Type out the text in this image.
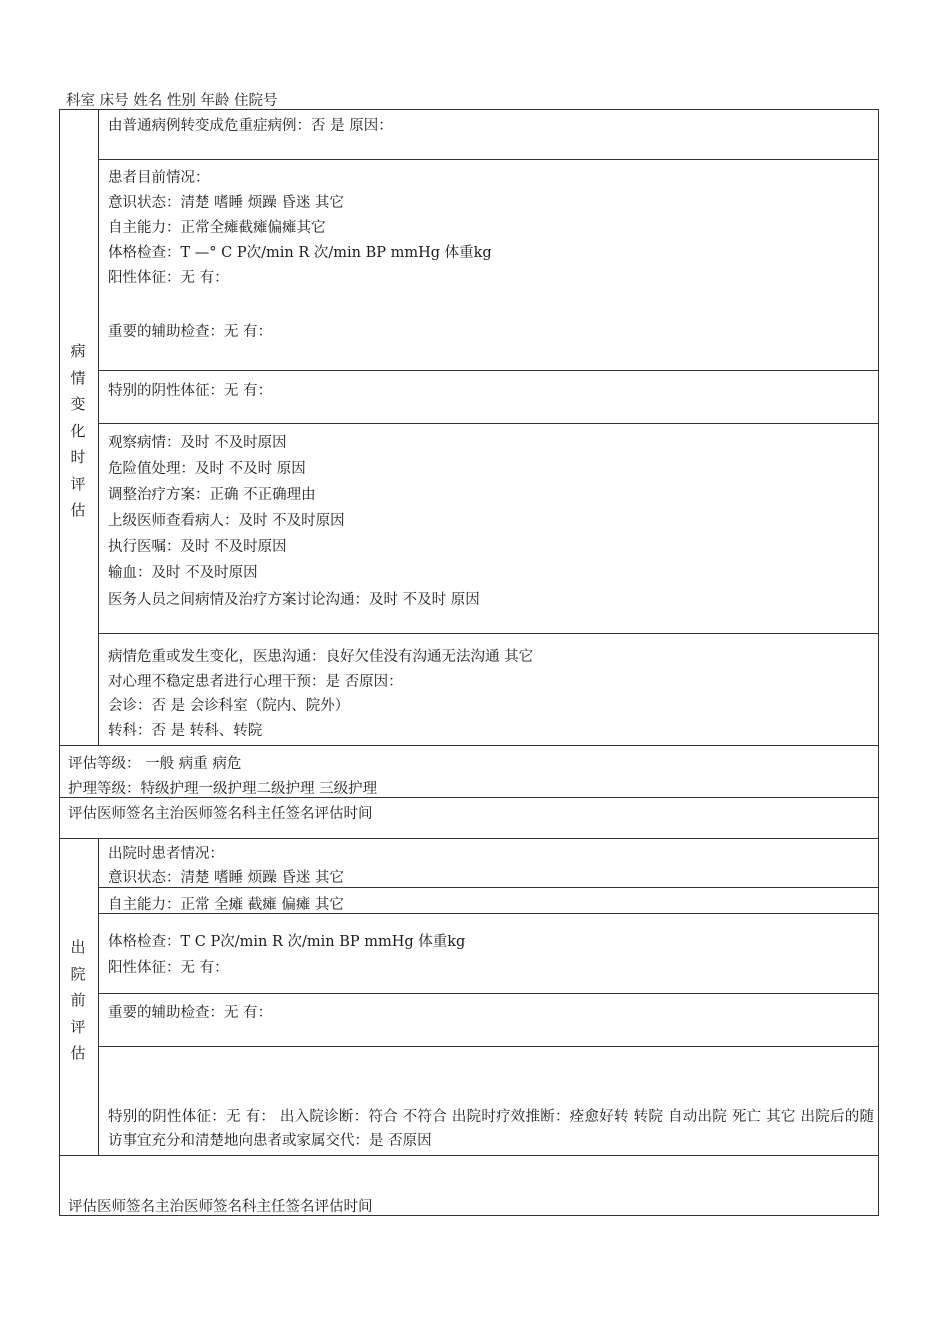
科室 床号 姓名 性别 年龄 住院号
病
情
变
化
时
评
估
由普通病例转变成危重症病例：否 是 原因：
患者目前情况：
意识状态：清楚 嗜睡 烦躁 昏迷 其它
自主能力：正常全瘫截瘫偏瘫其它
体格检查：T —° C P次/min R 次/min BP mmHg 体重kg
阳性体征：无 有：
重要的辅助检查：无 有：
特别的阴性体征：无 有：
观察病情：及时 不及时原因
危险值处理：及时 不及时 原因
调整治疗方案：正确 不正确理由
上级医师查看病人：及时 不及时原因
执行医嘱：及时 不及时原因
输血：及时 不及时原因
医务人员之间病情及治疗方案讨论沟通：及时 不及时 原因
病情危重或发生变化，医患沟通：良好欠佳没有沟通无法沟通 其它
对心理不稳定患者进行心理干预：是 否原因：
会诊：否 是 会诊科室（院内、院外）
转科：否 是 转科、转院
评估等级： 一般 病重 病危
护理等级：特级护理一级护理二级护理 三级护理
评估医师签名主治医师签名科主任签名评估时间
出
院
前
评
估
出院时患者情况：
意识状态：清楚 嗜睡 烦躁 昏迷 其它
自主能力：正常 全瘫 截瘫 偏瘫 其它
体格检查：T C P次/min R 次/min BP mmHg 体重kg
阳性体征：无 有：
重要的辅助检查：无 有：
特别的阴性体征：无 有： 出入院诊断：符合 不符合 出院时疗效推断：痊愈好转 转院 自动出院 死亡 其它 出院后的随访事宜充分和清楚地向患者或家属交代：是 否原因
评估医师签名主治医师签名科主任签名评估时间
